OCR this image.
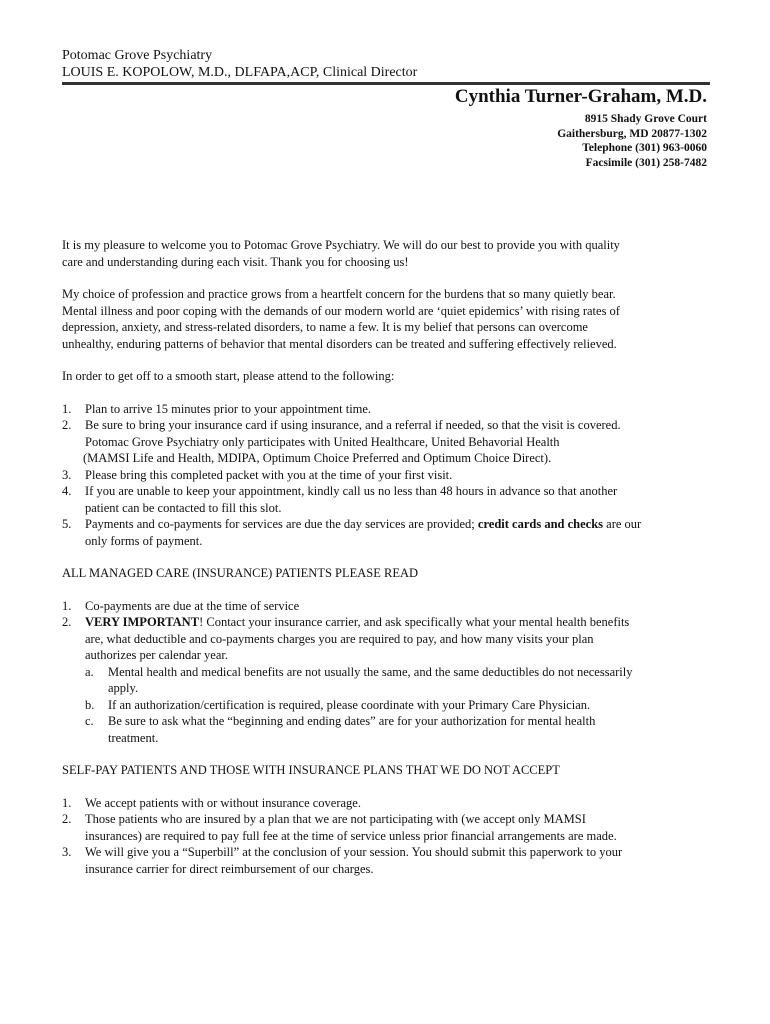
Potomac Grove Psychiatry
LOUIS E. KOPOLOW, M.D., DLFAPA,ACP, Clinical Director
Cynthia Turner-Graham, M.D.
8915 Shady Grove Court
Gaithersburg, MD 20877-1302
Telephone (301) 963-0060
Facsimile (301) 258-7482

It is my pleasure to welcome you to Potomac Grove Psychiatry. We will do our best to provide you with quality
care and understanding during each visit. Thank you for choosing us!

My choice of profession and practice grows from a heartfelt concern for the burdens that so many quietly bear.
Mental illness and poor coping with the demands of our modern world are ‘quiet epidemics’ with rising rates of
depression, anxiety, and stress-related disorders, to name a few. It is my belief that persons can overcome
unhealthy, enduring patterns of behavior that mental disorders can be treated and suffering effectively relieved.

In order to get off to a smooth start, please attend to the following:

1. Plan to arrive 15 minutes prior to your appointment time.
2. Be sure to bring your insurance card if using insurance, and a referral if needed, so that the visit is covered.
Potomac Grove Psychiatry only participates with United Healthcare, United Behavorial Health
(MAMSI Life and Health, MDIPA, Optimum Choice Preferred and Optimum Choice Direct).
3. Please bring this completed packet with you at the time of your first visit.
4. If you are unable to keep your appointment, kindly call us no less than 48 hours in advance so that another
patient can be contacted to fill this slot.
5. Payments and co-payments for services are due the day services are provided; credit cards and checks are our
only forms of payment.

ALL MANAGED CARE (INSURANCE) PATIENTS PLEASE READ

1. Co-payments are due at the time of service
2. VERY IMPORTANT! Contact your insurance carrier, and ask specifically what your mental health benefits
are, what deductible and co-payments charges you are required to pay, and how many visits your plan
authorizes per calendar year.
a. Mental health and medical benefits are not usually the same, and the same deductibles do not necessarily
apply.
b. If an authorization/certification is required, please coordinate with your Primary Care Physician.
c. Be sure to ask what the “beginning and ending dates” are for your authorization for mental health
treatment.

SELF-PAY PATIENTS AND THOSE WITH INSURANCE PLANS THAT WE DO NOT ACCEPT

1. We accept patients with or without insurance coverage.
2. Those patients who are insured by a plan that we are not participating with (we accept only MAMSI
insurances) are required to pay full fee at the time of service unless prior financial arrangements are made.
3. We will give you a “Superbill” at the conclusion of your session. You should submit this paperwork to your
insurance carrier for direct reimbursement of our charges.
